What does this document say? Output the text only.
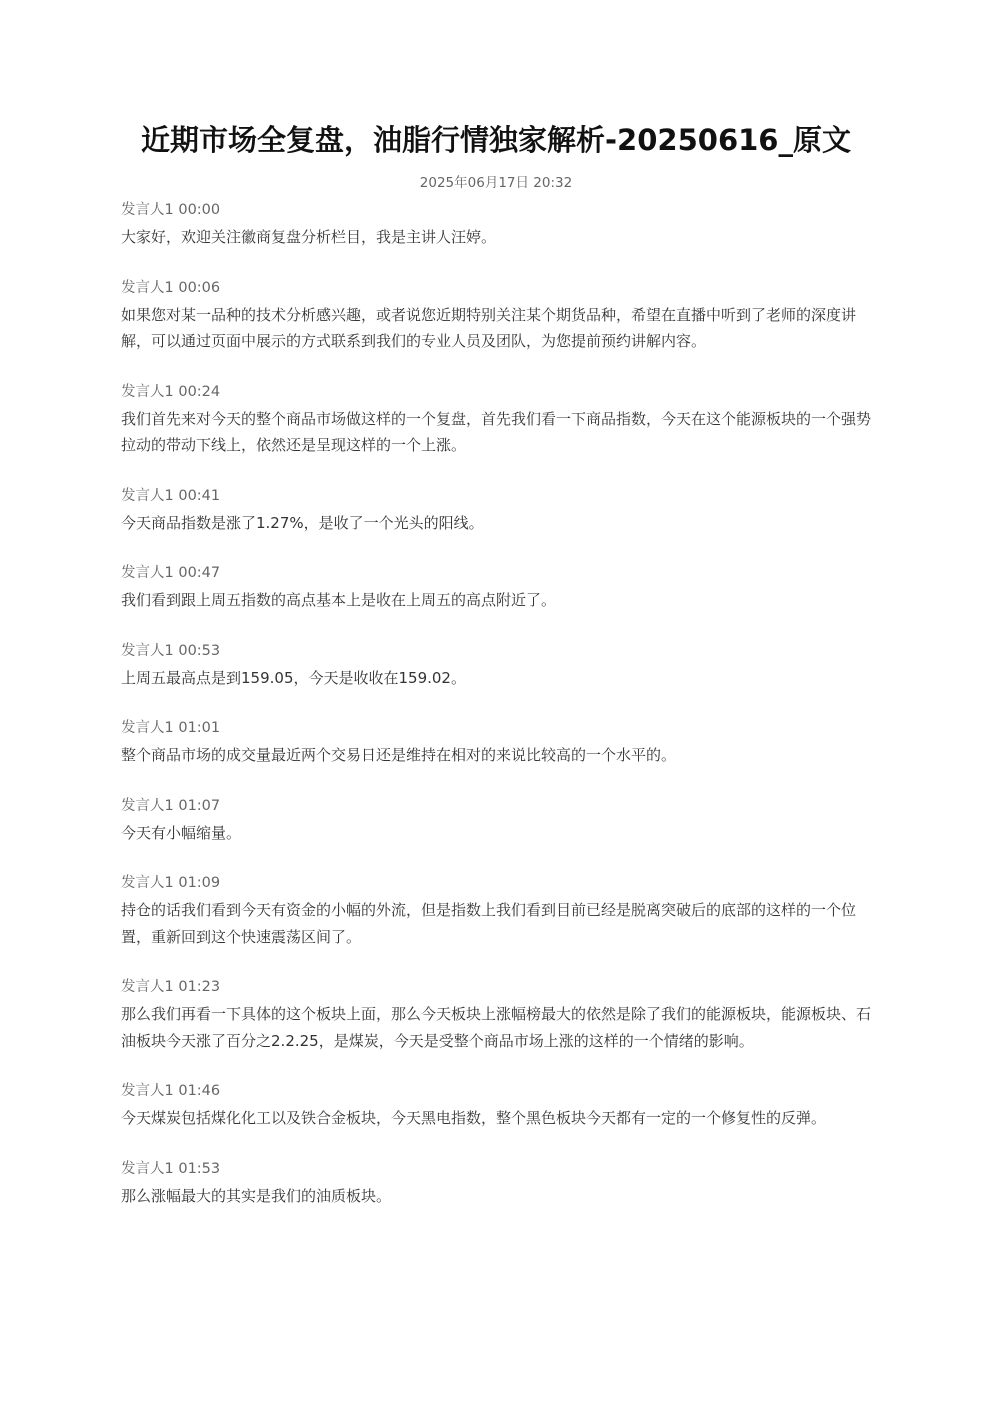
近期市场全复盘，油脂行情独家解析-20250616_原文
2025年06月17日 20:32
发言人1 00:00

大家好，欢迎关注徽商复盘分析栏目，我是主讲人汪婷。

发言人1 00:06

如果您对某一品种的技术分析感兴趣，或者说您近期特别关注某个期货品种，希望在直播中听到了老师的深度讲解，可以通过页面中展示的方式联系到我们的专业人员及团队，为您提前预约讲解内容。

发言人1 00:24

我们首先来对今天的整个商品市场做这样的一个复盘，首先我们看一下商品指数，今天在这个能源板块的一个强势拉动的带动下线上，依然还是呈现这样的一个上涨。

发言人1 00:41

今天商品指数是涨了1.27%，是收了一个光头的阳线。

发言人1 00:47

我们看到跟上周五指数的高点基本上是收在上周五的高点附近了。

发言人1 00:53

上周五最高点是到159.05，今天是收收在159.02。

发言人1 01:01

整个商品市场的成交量最近两个交易日还是维持在相对的来说比较高的一个水平的。

发言人1 01:07

今天有小幅缩量。

发言人1 01:09

持仓的话我们看到今天有资金的小幅的外流，但是指数上我们看到目前已经是脱离突破后的底部的这样的一个位置，重新回到这个快速震荡区间了。

发言人1 01:23

那么我们再看一下具体的这个板块上面，那么今天板块上涨幅榜最大的依然是除了我们的能源板块，能源板块、石油板块今天涨了百分之2.2.25，是煤炭，今天是受整个商品市场上涨的这样的一个情绪的影响。

发言人1 01:46

今天煤炭包括煤化化工以及铁合金板块，今天黑电指数，整个黑色板块今天都有一定的一个修复性的反弹。

发言人1 01:53

那么涨幅最大的其实是我们的油质板块。
